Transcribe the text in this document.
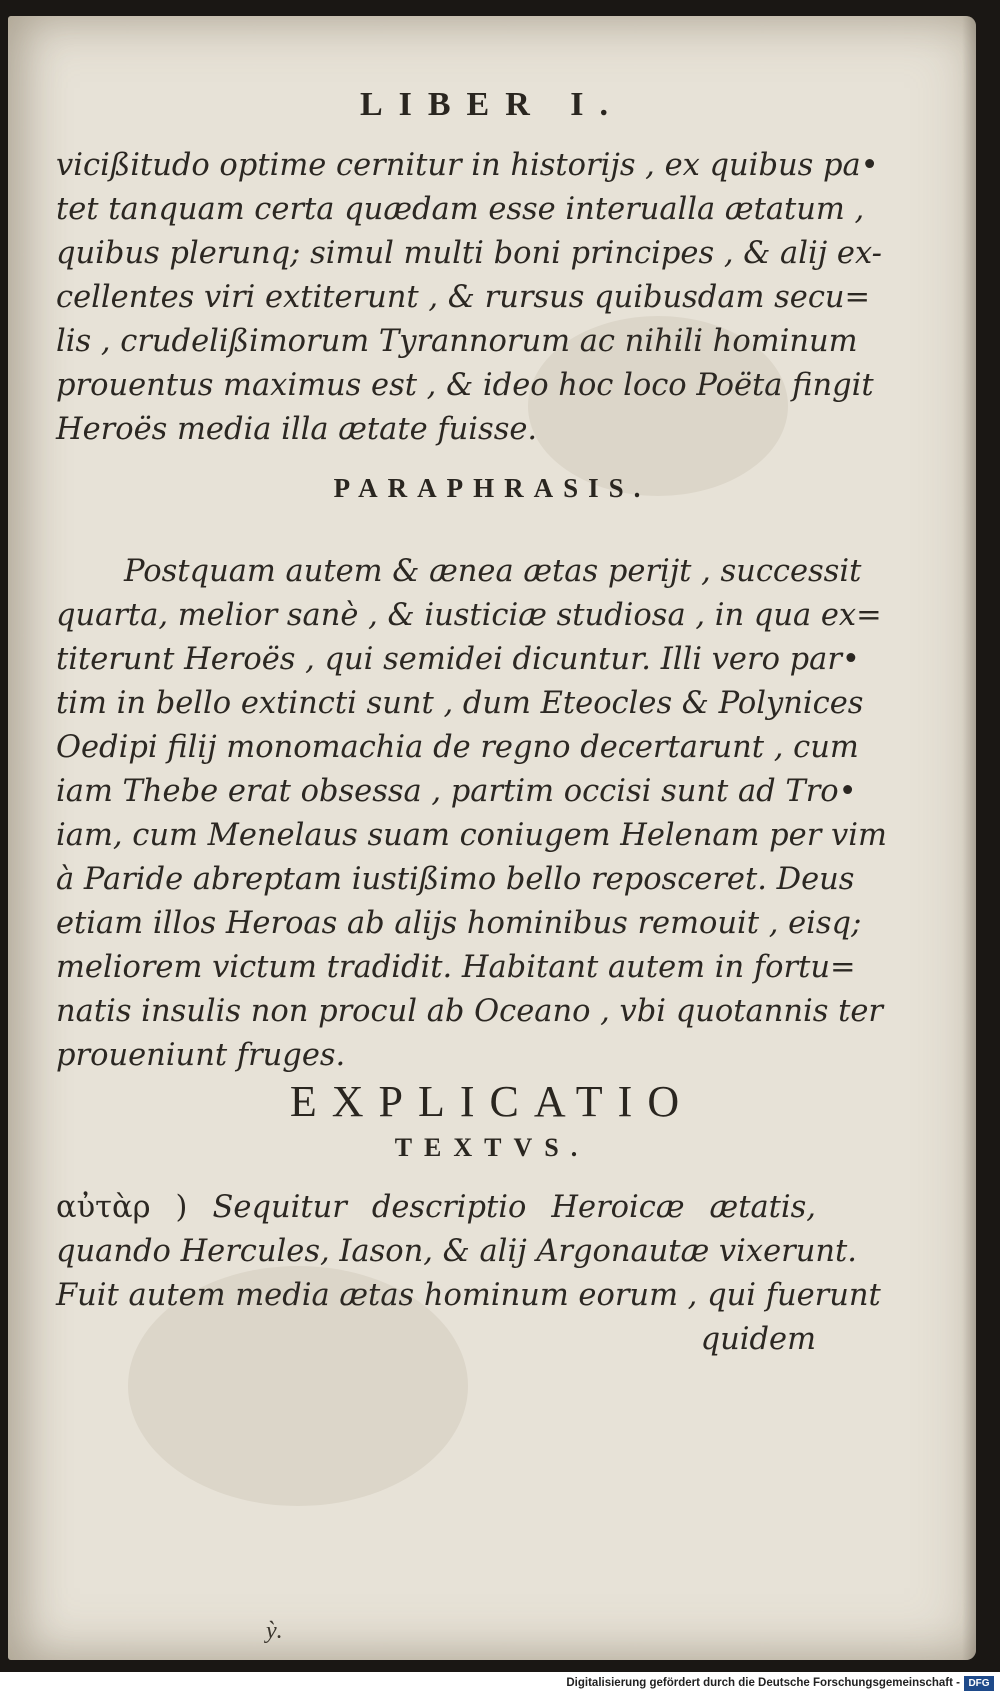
LIBER I.
vicißitudo optime cernitur in historijs , ex quibus pa•
tet tanquam certa quædam esse interualla ætatum ,
quibus plerunq; simul multi boni principes , & alij ex-
cellentes viri extiterunt , & rursus quibusdam secu=
lis , crudelißimorum Tyrannorum ac nihili hominum
prouentus maximus est , & ideo hoc loco Poëta fingit
Heroës media illa ætate fuisse.
PARAPHRASIS.
Postquam autem & ænea ætas perijt , successit
quarta, melior sanè , & iusticiæ studiosa , in qua ex=
titerunt Heroës , qui semidei dicuntur. Illi vero par•
tim in bello extincti sunt , dum Eteocles & Polynices
Oedipi filij monomachia de regno decertarunt , cum
iam Thebe erat obsessa , partim occisi sunt ad Tro•
iam, cum Menelaus suam coniugem Helenam per vim
à Paride abreptam iustißimo bello reposceret. Deus
etiam illos Heroas ab alijs hominibus remouit , eisq;
meliorem victum tradidit. Habitant autem in fortu=
natis insulis non procul ab Oceano , vbi quotannis ter
proueniunt fruges.
EXPLICATIO
TEXTVS.
αὐτὰρ ) Sequitur descriptio Heroicæ ætatis,
quando Hercules, Iason, & alij Argonautæ vixerunt.
Fuit autem media ætas hominum eorum , qui fuerunt
quidem
ỳ.
Digitalisierung gefördert durch die Deutsche Forschungsgemeinschaft - DFG
